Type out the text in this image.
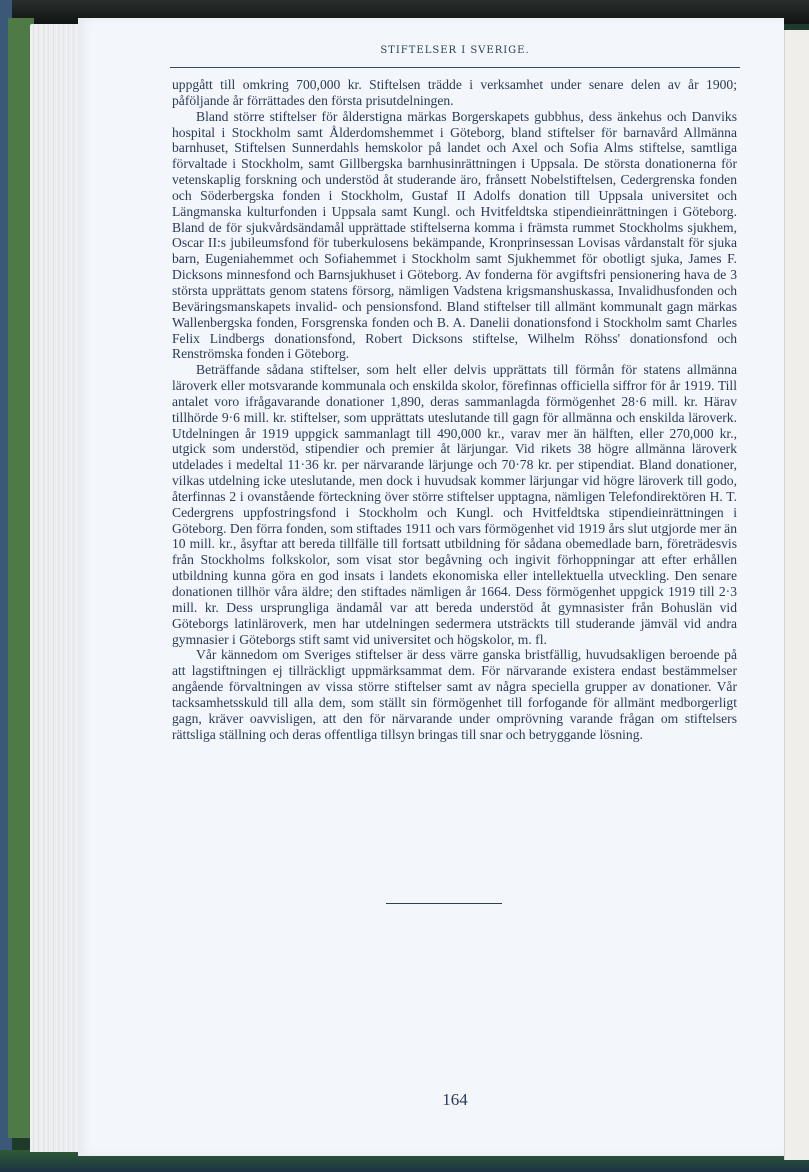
STIFTELSER I SVERIGE.

uppgått till omkring 700,000 kr. Stiftelsen trädde i verksamhet under senare delen av år 1900; påföljande år förrättades den första prisutdelningen.

Bland större stiftelser för ålderstigna märkas Borgerskapets gubbhus, dess änkehus och Danviks hospital i Stockholm samt Ålderdomshemmet i Göteborg, bland stiftelser för barnavård Allmänna barnhuset, Stiftelsen Sunnerdahls hemskolor på landet och Axel och Sofia Alms stiftelse, samtliga förvaltade i Stockholm, samt Gillbergska barnhusinrättningen i Uppsala. De största donationerna för vetenskaplig forskning och understöd åt studerande äro, frånsett Nobelstiftelsen, Cedergrenska fonden och Söderbergska fonden i Stockholm, Gustaf II Adolfs donation till Uppsala universitet och Längmanska kulturfonden i Uppsala samt Kungl. och Hvitfeldtska stipendieinrättningen i Göteborg. Bland de för sjukvårdsändamål upprättade stiftelserna komma i främsta rummet Stockholms sjukhem, Oscar II:s jubileumsfond för tuberkulosens bekämpande, Kronprinsessan Lovisas vårdanstalt för sjuka barn, Eugeniahemmet och Sofiahemmet i Stockholm samt Sjukhemmet för obotligt sjuka, James F. Dicksons minnesfond och Barnsjukhuset i Göteborg. Av fonderna för avgiftsfri pensionering hava de 3 största upprättats genom statens försorg, nämligen Vadstena krigsmanshuskassa, Invalidhusfonden och Beväringsmanskapets invalid- och pensionsfond. Bland stiftelser till allmänt kommunalt gagn märkas Wallenbergska fonden, Forsgrenska fonden och B. A. Danelii donationsfond i Stockholm samt Charles Felix Lindbergs donationsfond, Robert Dicksons stiftelse, Wilhelm Röhss' donationsfond och Renströmska fonden i Göteborg.

Beträffande sådana stiftelser, som helt eller delvis upprättats till förmån för statens allmänna läroverk eller motsvarande kommunala och enskilda skolor, förefinnas officiella siffror för år 1919. Till antalet voro ifrågavarande donationer 1,890, deras sammanlagda förmögenhet 28·6 mill. kr. Härav tillhörde 9·6 mill. kr. stiftelser, som upprättats uteslutande till gagn för allmänna och enskilda läroverk. Utdelningen år 1919 uppgick sammanlagt till 490,000 kr., varav mer än hälften, eller 270,000 kr., utgick som understöd, stipendier och premier åt lärjungar. Vid rikets 38 högre allmänna läroverk utdelades i medeltal 11·36 kr. per närvarande lärjunge och 70·78 kr. per stipendiat. Bland donationer, vilkas utdelning icke uteslutande, men dock i huvudsak kommer lärjungar vid högre läroverk till godo, återfinnas 2 i ovanstående förteckning över större stiftelser upptagna, nämligen Telefondirektören H. T. Cedergrens uppfostringsfond i Stockholm och Kungl. och Hvitfeldtska stipendieinrättningen i Göteborg. Den förra fonden, som stiftades 1911 och vars förmögenhet vid 1919 års slut utgjorde mer än 10 mill. kr., åsyftar att bereda tillfälle till fortsatt utbildning för sådana obemedlade barn, företrädesvis från Stockholms folkskolor, som visat stor begåvning och ingivit förhoppningar att efter erhållen utbildning kunna göra en god insats i landets ekonomiska eller intellektuella utveckling. Den senare donationen tillhör våra äldre; den stiftades nämligen år 1664. Dess förmögenhet uppgick 1919 till 2·3 mill. kr. Dess ursprungliga ändamål var att bereda understöd åt gymnasister från Bohuslän vid Göteborgs latinläroverk, men har utdelningen sedermera utsträckts till studerande jämväl vid andra gymnasier i Göteborgs stift samt vid universitet och högskolor, m. fl.

Vår kännedom om Sveriges stiftelser är dess värre ganska bristfällig, huvudsakligen beroende på att lagstiftningen ej tillräckligt uppmärksammat dem. För närvarande existera endast bestämmelser angående förvaltningen av vissa större stiftelser samt av några speciella grupper av donationer. Vår tacksamhetsskuld till alla dem, som ställt sin förmögenhet till forfogande för allmänt medborgerligt gagn, kräver oavvisligen, att den för närvarande under omprövning varande frågan om stiftelsers rättsliga ställning och deras offentliga tillsyn bringas till snar och betryggande lösning.

164
